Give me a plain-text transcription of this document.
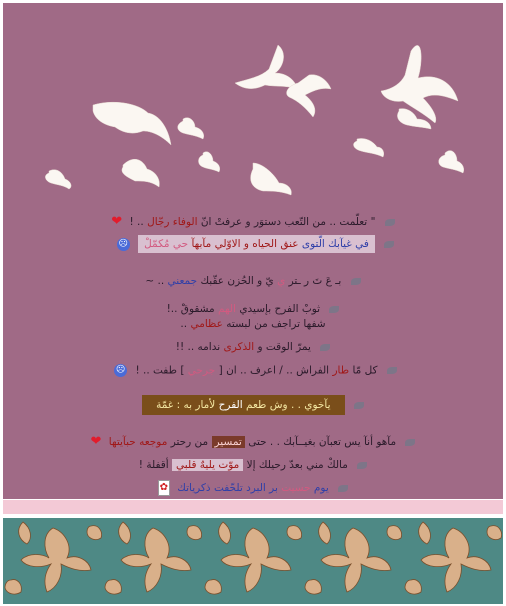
" تعلّمت .. من التّعب دستوَر و عرفتْ انّ الوفاء رجّال .. ! ❤
في غيآبك الّتوى عنق الحياه و الاوّلي مآبهآ حي مُكمّلْ ☹
بـ عَ تَ ر ـتر ي يّ و الحُزن عقّبك جمعني .. ~
ثوبْ الفرح بإسيدي الهم مشقوقْ ..!
شفها تراجف من لبسته عظامي ..
يمرّ الوقت و الذكرى ندامه .. !!
كل مّا طار الفراش .. / اعرف .. ان [ جرحي ] طفت .. ! ☹
يآخوي . . وش طعم الفرح لأمار به : غمّة
مآهو أنآ يس تعبآن بغيــآبك . . حتى تمسير من رحتر موجعه حبآيتها ❤
مالكْ مني بعدّ رحيلك إلا موّت يليهٌ قلبي أقفلة !
يوم حسيت بر البرد تلحّفت ذكرياتك ✿
